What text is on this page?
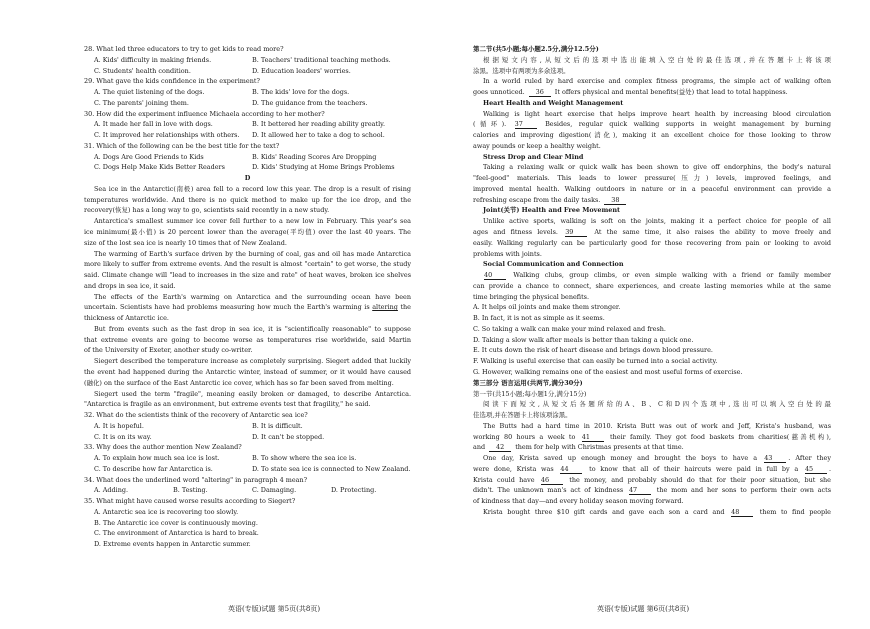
28. What led three educators to try to get kids to read more?
A. Kids' difficulty in making friends.	B. Teachers' traditional teaching methods.
C. Students' health condition.	D. Education leaders' worries.
29. What gave the kids confidence in the experiment?
A. The quiet listening of the dogs.	B. The kids' love for the dogs.
C. The parents' joining them.	D. The guidance from the teachers.
30. How did the experiment influence Michaela according to her mother?
A. It made her fall in love with dogs.	B. It bettered her reading ability greatly.
C. It improved her relationships with others.	D. It allowed her to take a dog to school.
31. Which of the following can be the best title for the text?
A. Dogs Are Good Friends to Kids	B. Kids' Reading Scores Are Dropping
C. Dogs Help Make Kids Better Readers	D. Kids' Studying at Home Brings Problems
D
Sea ice in the Antarctic(南极) area fell to a record low this year. The drop is a result of rising
temperatures worldwide. And there is no quick method to make up for the ice drop, and the
recovery(恢复) has a long way to go, scientists said recently in a new study.
Antarctica's smallest summer ice cover fell further to a new low in February. This year's sea
ice minimum(最小值) is 20 percent lower than the average(平均值) over the last 40 years. The
size of the lost sea ice is nearly 10 times that of New Zealand.
The warming of Earth's surface driven by the burning of coal, gas and oil has made Antarctica
more likely to suffer from extreme events. And the result is almost "certain" to get worse, the study
said. Climate change will "lead to increases in the size and rate" of heat waves, broken ice shelves
and drops in sea ice, it said.
The effects of the Earth's warming on Antarctica and the surrounding ocean have been
uncertain. Scientists have had problems measuring how much the Earth's warming is altering the
thickness of Antarctic ice.
But from events such as the fast drop in sea ice, it is "scientifically reasonable" to suppose
that extreme events are going to become worse as temperatures rise worldwide, said Martin
of the University of Exeter, another study co-writer.
Siegert described the temperature increase as completely surprising. Siegert added that luckily
the event had happened during the Antarctic winter, instead of summer, or it would have caused
(融化) on the surface of the East Antarctic ice cover, which has so far been saved from melting.
Siegert used the term "fragile", meaning easily broken or damaged, to describe Antarctica.
"Antarctica is fragile as an environment, but extreme events test that fragility," he said.
32. What do the scientists think of the recovery of Antarctic sea ice?
A. It is hopeful.	B. It is difficult.
C. It is on its way.	D. It can't be stopped.
33. Why does the author mention New Zealand?
A. To explain how much sea ice is lost.	B. To show where the sea ice is.
C. To describe how far Antarctica is.	D. To state sea ice is connected to New Zealand.
34. What does the underlined word "altering" in paragraph 4 mean?
A. Adding.	B. Testing.	C. Damaging.	D. Protecting.
35. What might have caused worse results according to Siegert?
A. Antarctic sea ice is recovering too slowly.
B. The Antarctic ice cover is continuously moving.
C. The environment of Antarctica is hard to break.
D. Extreme events happen in Antarctic summer.
第二节(共5小题;每小题2.5分,满分12.5分)
根据短文内容,从短文后的选项中选出能填入空白处的最佳选项,并在答题卡上将该项
涂黑。选项中有两项为多余选项。
In a world ruled by hard exercise and complex fitness programs, the simple act of walking often
goes unnoticed. 36 It offers physical and mental benefits(益处) that lead to total happiness.
Heart Health and Weight Management
Walking is light heart exercise that helps improve heart health by increasing blood circulation
(循环). 37 Besides, regular quick walking supports in weight management by burning
calories and improving digestion(消化), making it an excellent choice for those looking to throw
away pounds or keep a healthy weight.
Stress Drop and Clear Mind
Taking a relaxing walk or quick walk has been shown to give off endorphins, the body's natural
"feel-good" materials. This leads to lower pressure(压力) levels, improved feelings, and
improved mental health. Walking outdoors in nature or in a peaceful environment can provide a
refreshing escape from the daily tasks. 38
Joint(关节) Health and Free Movement
Unlike active sports, walking is soft on the joints, making it a perfect choice for people of all
ages and fitness levels. 39 At the same time, it also raises the ability to move freely and
easily. Walking regularly can be particularly good for those recovering from pain or looking to avoid
problems with joints.
Social Communication and Connection
40 Walking clubs, group climbs, or even simple walking with a friend or family member
can provide a chance to connect, share experiences, and create lasting memories while at the same
time bringing the physical benefits.
A. It helps oil joints and make them stronger.
B. In fact, it is not as simple as it seems.
C. So taking a walk can make your mind relaxed and fresh.
D. Taking a slow walk after meals is better than taking a quick one.
E. It cuts down the risk of heart disease and brings down blood pressure.
F. Walking is useful exercise that can easily be turned into a social activity.
G. However, walking remains one of the easiest and most useful forms of exercise.
第三部分 语言运用(共两节,满分30分)
第一节(共15小题;每小题1分,满分15分)
阅读下面短文,从短文后各题所给的A、B、C和D四个选项中,选出可以填入空白处的最
佳选项,并在答题卡上将该项涂黑。
The Butts had a hard time in 2010. Krista Butt was out of work and Jeff, Krista's husband, was
working 80 hours a week to 41 their family. They got food baskets from charities(慈善机构),
and 42 them for help with Christmas presents at that time.
One day, Krista saved up enough money and brought the boys to have a 43 . After they
were done, Krista was 44 to know that all of their haircuts were paid in full by a 45 .
Krista could have 46 the money, and probably should do that for their poor situation, but she
didn't. The unknown man's act of kindness 47 the mom and her sons to perform their own acts
of kindness that day—and every holiday season moving forward.
Krista bought three $10 gift cards and gave each son a card and 48 them to find people
英语(专版)试题 第5页(共8页)	英语(专版)试题 第6页(共8页)
